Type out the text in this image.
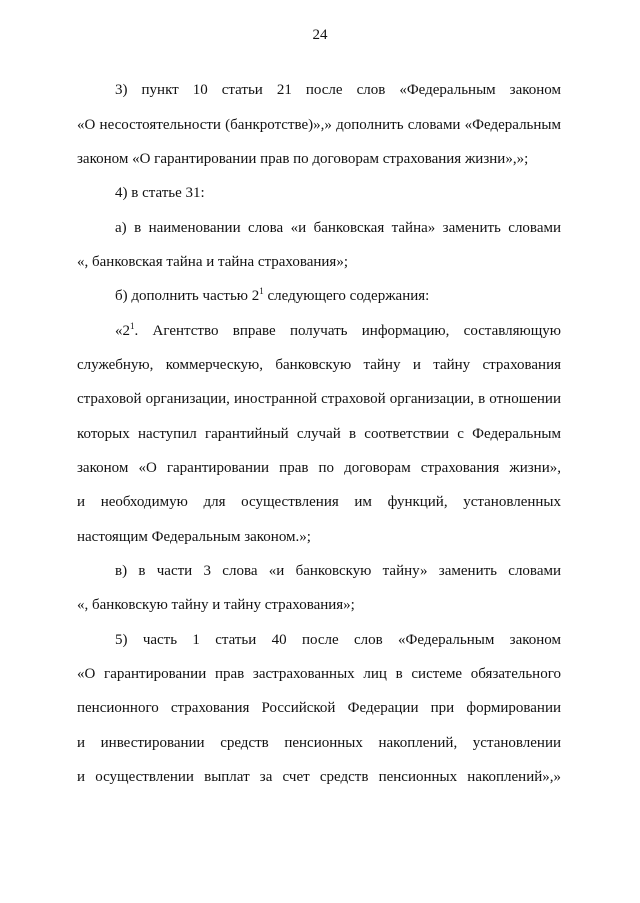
24
3) пункт 10 статьи 21 после слов «Федеральным законом
«О несостоятельности (банкротстве)»,» дополнить словами «Федеральным
законом «О гарантировании прав по договорам страхования жизни»,»;
4) в статье 31:
а) в наименовании слова «и банковская тайна» заменить словами
«, банковская тайна и тайна страхования»;
б) дополнить частью $2^1$ следующего содержания:
«$2^1$. Агентство вправе получать информацию, составляющую
служебную, коммерческую, банковскую тайну и тайну страхования
страховой организации, иностранной страховой организации, в отношении
которых наступил гарантийный случай в соответствии с Федеральным
законом «О гарантировании прав по договорам страхования жизни»,
и необходимую для осуществления им функций, установленных
настоящим Федеральным законом.»;
в) в части 3 слова «и банковскую тайну» заменить словами
«, банковскую тайну и тайну страхования»;
5) часть 1 статьи 40 после слов «Федеральным законом
«О гарантировании прав застрахованных лиц в системе обязательного
пенсионного страхования Российской Федерации при формировании
и инвестировании средств пенсионных накоплений, установлении
и осуществлении выплат за счет средств пенсионных накоплений»,»
